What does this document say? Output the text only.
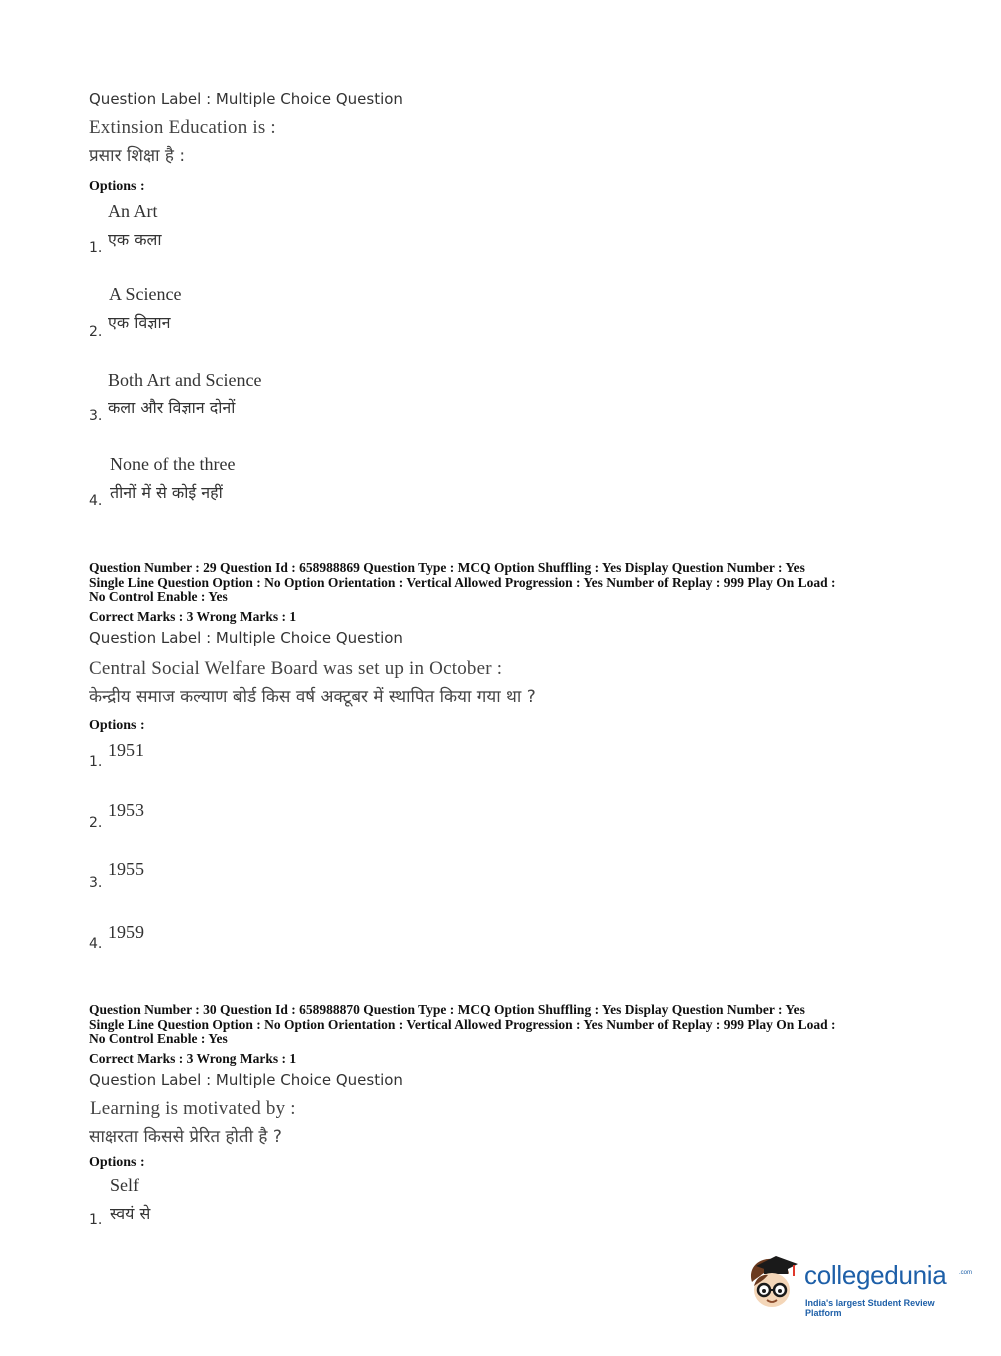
Question Label : Multiple Choice Question
Extinsion Education is :
प्रसार शिक्षा है :
Options :
An Art
एक कला
1.
A Science
एक विज्ञान
2.
Both Art and Science
कला और विज्ञान दोनों
3.
None of the three
तीनों में से कोई नहीं
4.
Question Number : 29 Question Id : 658988869 Question Type : MCQ Option Shuffling : Yes Display Question Number : Yes
Single Line Question Option : No Option Orientation : Vertical Allowed Progression : Yes Number of Replay : 999 Play On Load :
No Control Enable : Yes
Correct Marks : 3 Wrong Marks : 1
Question Label : Multiple Choice Question
Central Social Welfare Board was set up in October :
केन्द्रीय समाज कल्याण बोर्ड किस वर्ष अक्टूबर में स्थापित किया गया था ?
Options :
1951
1.
1953
2.
1955
3.
1959
4.
Question Number : 30 Question Id : 658988870 Question Type : MCQ Option Shuffling : Yes Display Question Number : Yes
Single Line Question Option : No Option Orientation : Vertical Allowed Progression : Yes Number of Replay : 999 Play On Load :
No Control Enable : Yes
Correct Marks : 3 Wrong Marks : 1
Question Label : Multiple Choice Question
Learning is motivated by :
साक्षरता किससे प्रेरित होती है ?
Options :
Self
स्वयं से
1.
collegedunia .com
India's largest Student Review Platform
